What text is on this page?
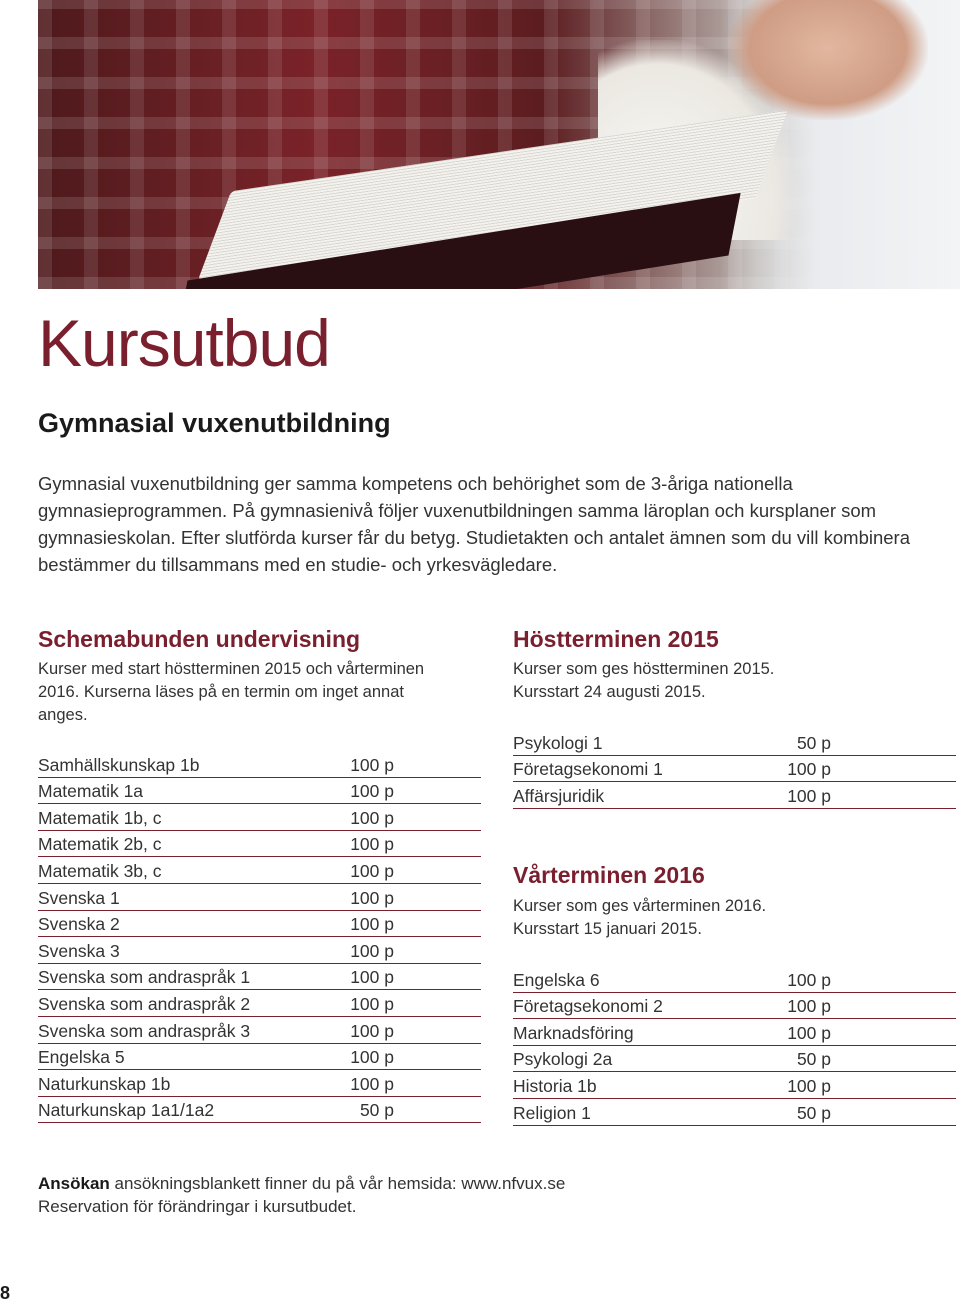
Kursutbud
Gymnasial vuxenutbildning

Gymnasial vuxenutbildning ger samma kompetens och behörighet som de 3-åriga nationella gymnasieprogrammen. På gymnasienivå följer vuxenutbildningen samma läroplan och kursplaner som gymnasieskolan. Efter slutförda kurser får du betyg. Studietakten och antalet ämnen som du vill kombinera bestämmer du tillsammans med en studie- och yrkesvägledare.

Schemabunden undervisning

Kurser med start höstterminen 2015 och vårterminen 2016. Kurserna läses på en termin om inget annat anges.

Samhällskunskap 1b	100 p
Matematik 1a	100 p
Matematik 1b, c	100 p
Matematik 2b, c	100 p
Matematik 3b, c	100 p
Svenska 1	100 p
Svenska 2	100 p
Svenska 3	100 p
Svenska som andraspråk 1	100 p
Svenska som andraspråk 2	100 p
Svenska som andraspråk 3	100 p
Engelska 5	100 p
Naturkunskap 1b	100 p
Naturkunskap 1a1/1a2	50 p
Höstterminen 2015

Kurser som ges höstterminen 2015.

Kursstart 24 augusti 2015.

Psykologi 1	50 p
Företagsekonomi 1	100 p
Affärsjuridik	100 p
Vårterminen 2016

Kurser som ges vårterminen 2016.

Kursstart 15 januari 2015.

Engelska 6	100 p
Företagsekonomi 2	100 p
Marknadsföring	100 p
Psykologi 2a	50 p
Historia 1b	100 p
Religion 1	50 p
Ansökan ansökningsblankett finner du på vår hemsida: www.nfvux.se
Reservation för förändringar i kursutbudet.
8
